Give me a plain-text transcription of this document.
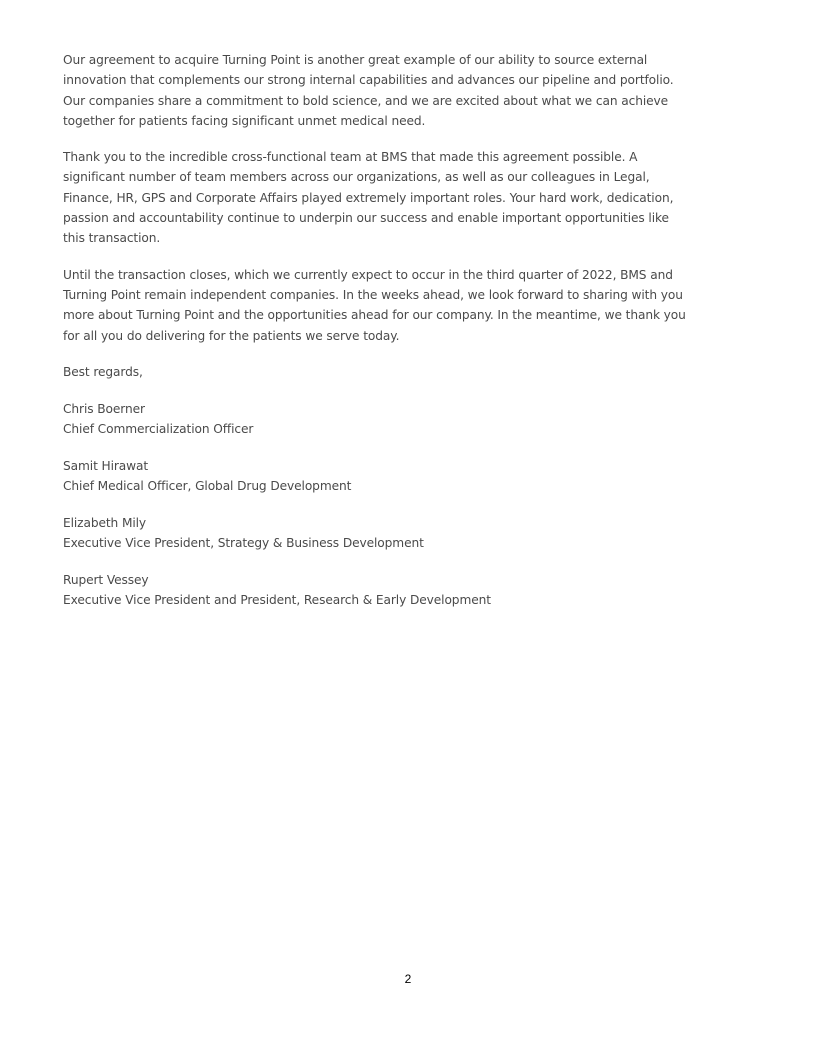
Our agreement to acquire Turning Point is another great example of our ability to source external
innovation that complements our strong internal capabilities and advances our pipeline and portfolio.
Our companies share a commitment to bold science, and we are excited about what we can achieve
together for patients facing significant unmet medical need.
Thank you to the incredible cross-functional team at BMS that made this agreement possible. A
significant number of team members across our organizations, as well as our colleagues in Legal,
Finance, HR, GPS and Corporate Affairs played extremely important roles. Your hard work, dedication,
passion and accountability continue to underpin our success and enable important opportunities like
this transaction.
Until the transaction closes, which we currently expect to occur in the third quarter of 2022, BMS and
Turning Point remain independent companies. In the weeks ahead, we look forward to sharing with you
more about Turning Point and the opportunities ahead for our company. In the meantime, we thank you
for all you do delivering for the patients we serve today.
Best regards,
Chris Boerner
Chief Commercialization Officer
Samit Hirawat
Chief Medical Officer, Global Drug Development
Elizabeth Mily
Executive Vice President, Strategy & Business Development
Rupert Vessey
Executive Vice President and President, Research & Early Development
2
